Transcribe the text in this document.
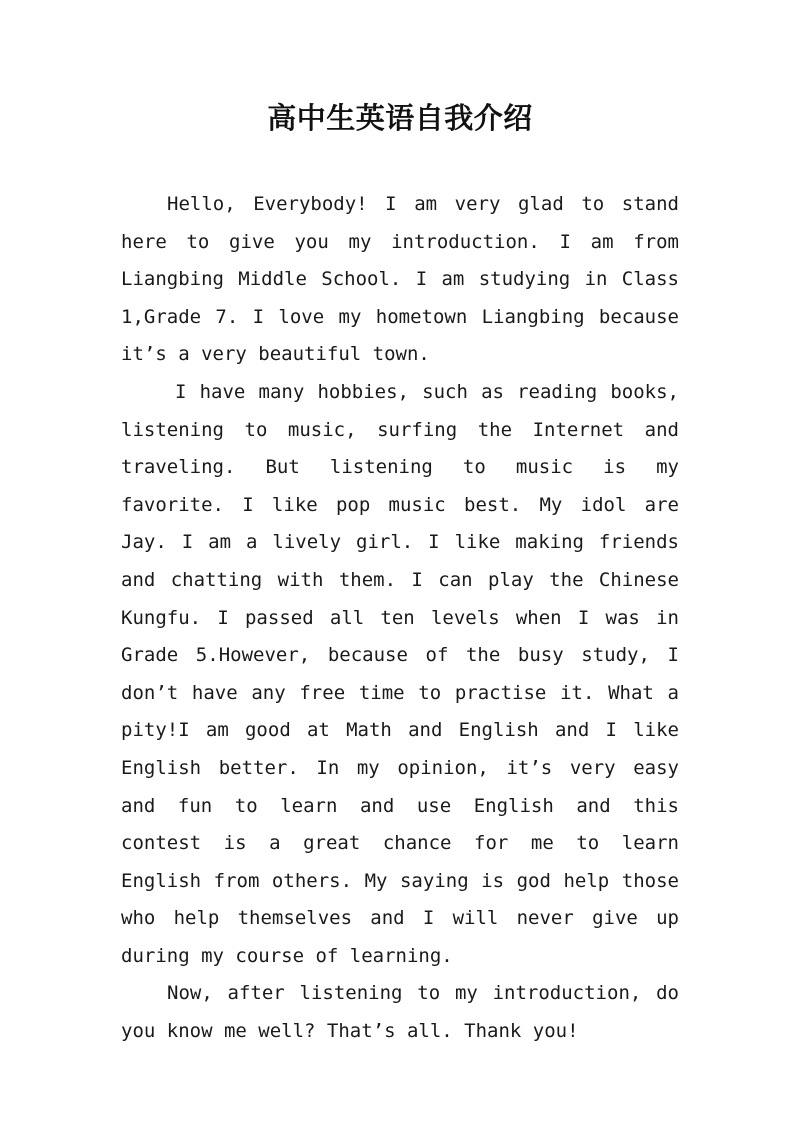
高中生英语自我介绍

Hello, Everybody! I am very glad to stand here to give you my introduction. I am from Liangbing Middle School. I am studying in Class 1,Grade 7. I love my hometown Liangbing because it’s a very beautiful town.

I have many hobbies, such as reading books, listening to music, surfing the Internet and traveling. But listening to music is my favorite. I like pop music best. My idol are Jay. I am a lively girl. I like making friends and chatting with them. I can play the Chinese Kungfu. I passed all ten levels when I was in Grade 5.However, because of the busy study, I don’t have any free time to practise it. What a pity!I am good at Math and English and I like English better. In my opinion, it’s very easy and fun to learn and use English and this contest is a great chance for me to learn English from others. My saying is god help those who help themselves and I will never give up during my course of learning.

Now, after listening to my introduction, do you know me well? That’s all. Thank you!
